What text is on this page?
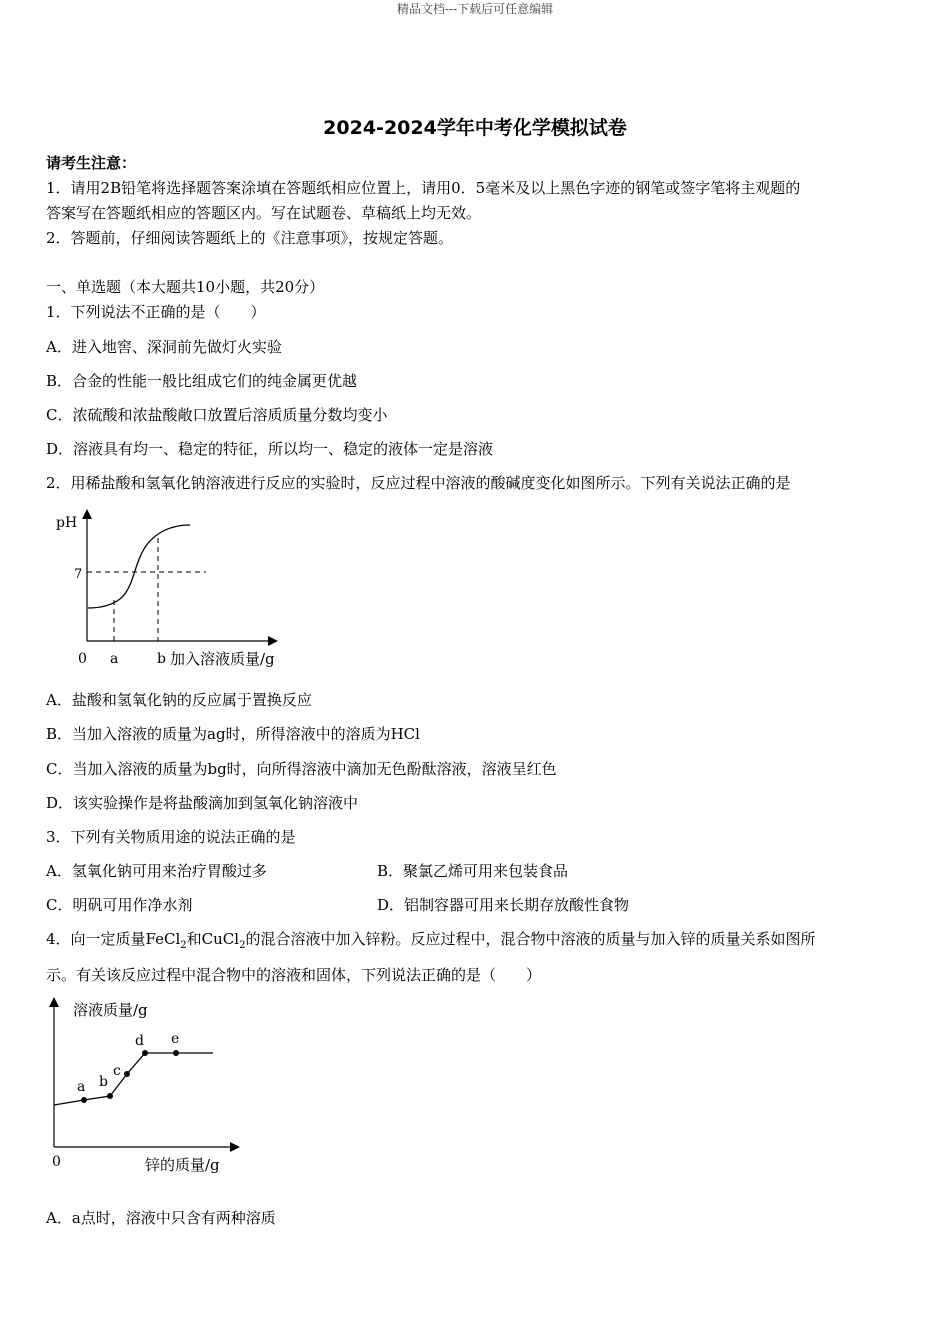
精品文档---下载后可任意编辑
2024-2024学年中考化学模拟试卷
请考生注意：
1．请用2B铅笔将选择题答案涂填在答题纸相应位置上，请用0．5毫米及以上黑色字迹的钢笔或签字笔将主观题的
答案写在答题纸相应的答题区内。写在试题卷、草稿纸上均无效。
2．答题前，仔细阅读答题纸上的《注意事项》，按规定答题。
一、单选题（本大题共10小题，共20分）
1．下列说法不正确的是（　　）
A．进入地窖、深洞前先做灯火实验
B．合金的性能一般比组成它们的纯金属更优越
C．浓硫酸和浓盐酸敞口放置后溶质质量分数均变小
D．溶液具有均一、稳定的特征，所以均一、稳定的液体一定是溶液
2．用稀盐酸和氢氧化钠溶液进行反应的实验时，反应过程中溶液的酸碱度变化如图所示。下列有关说法正确的是
pH
7
0 a	b 加入溶液质量/g
A．盐酸和氢氧化钠的反应属于置换反应
B．当加入溶液的质量为ag时，所得溶液中的溶质为HCl
C．当加入溶液的质量为bg时，向所得溶液中滴加无色酚酞溶液，溶液呈红色
D．该实验操作是将盐酸滴加到氢氧化钠溶液中
3．下列有关物质用途的说法正确的是
A．氢氧化钠可用来治疗胃酸过多	B．聚氯乙烯可用来包装食品
C．明矾可用作净水剂	D．铝制容器可用来长期存放酸性食物
4．向一定质量FeCl$_2$和CuCl$_2$的混合溶液中加入锌粉。反应过程中，混合物中溶液的质量与加入锌的质量关系如图所
示。有关该反应过程中混合物中的溶液和固体，下列说法正确的是（　　）
a b
c
d e
溶液质量/g
0	锌的质量/g
A．a点时，溶液中只含有两种溶质
